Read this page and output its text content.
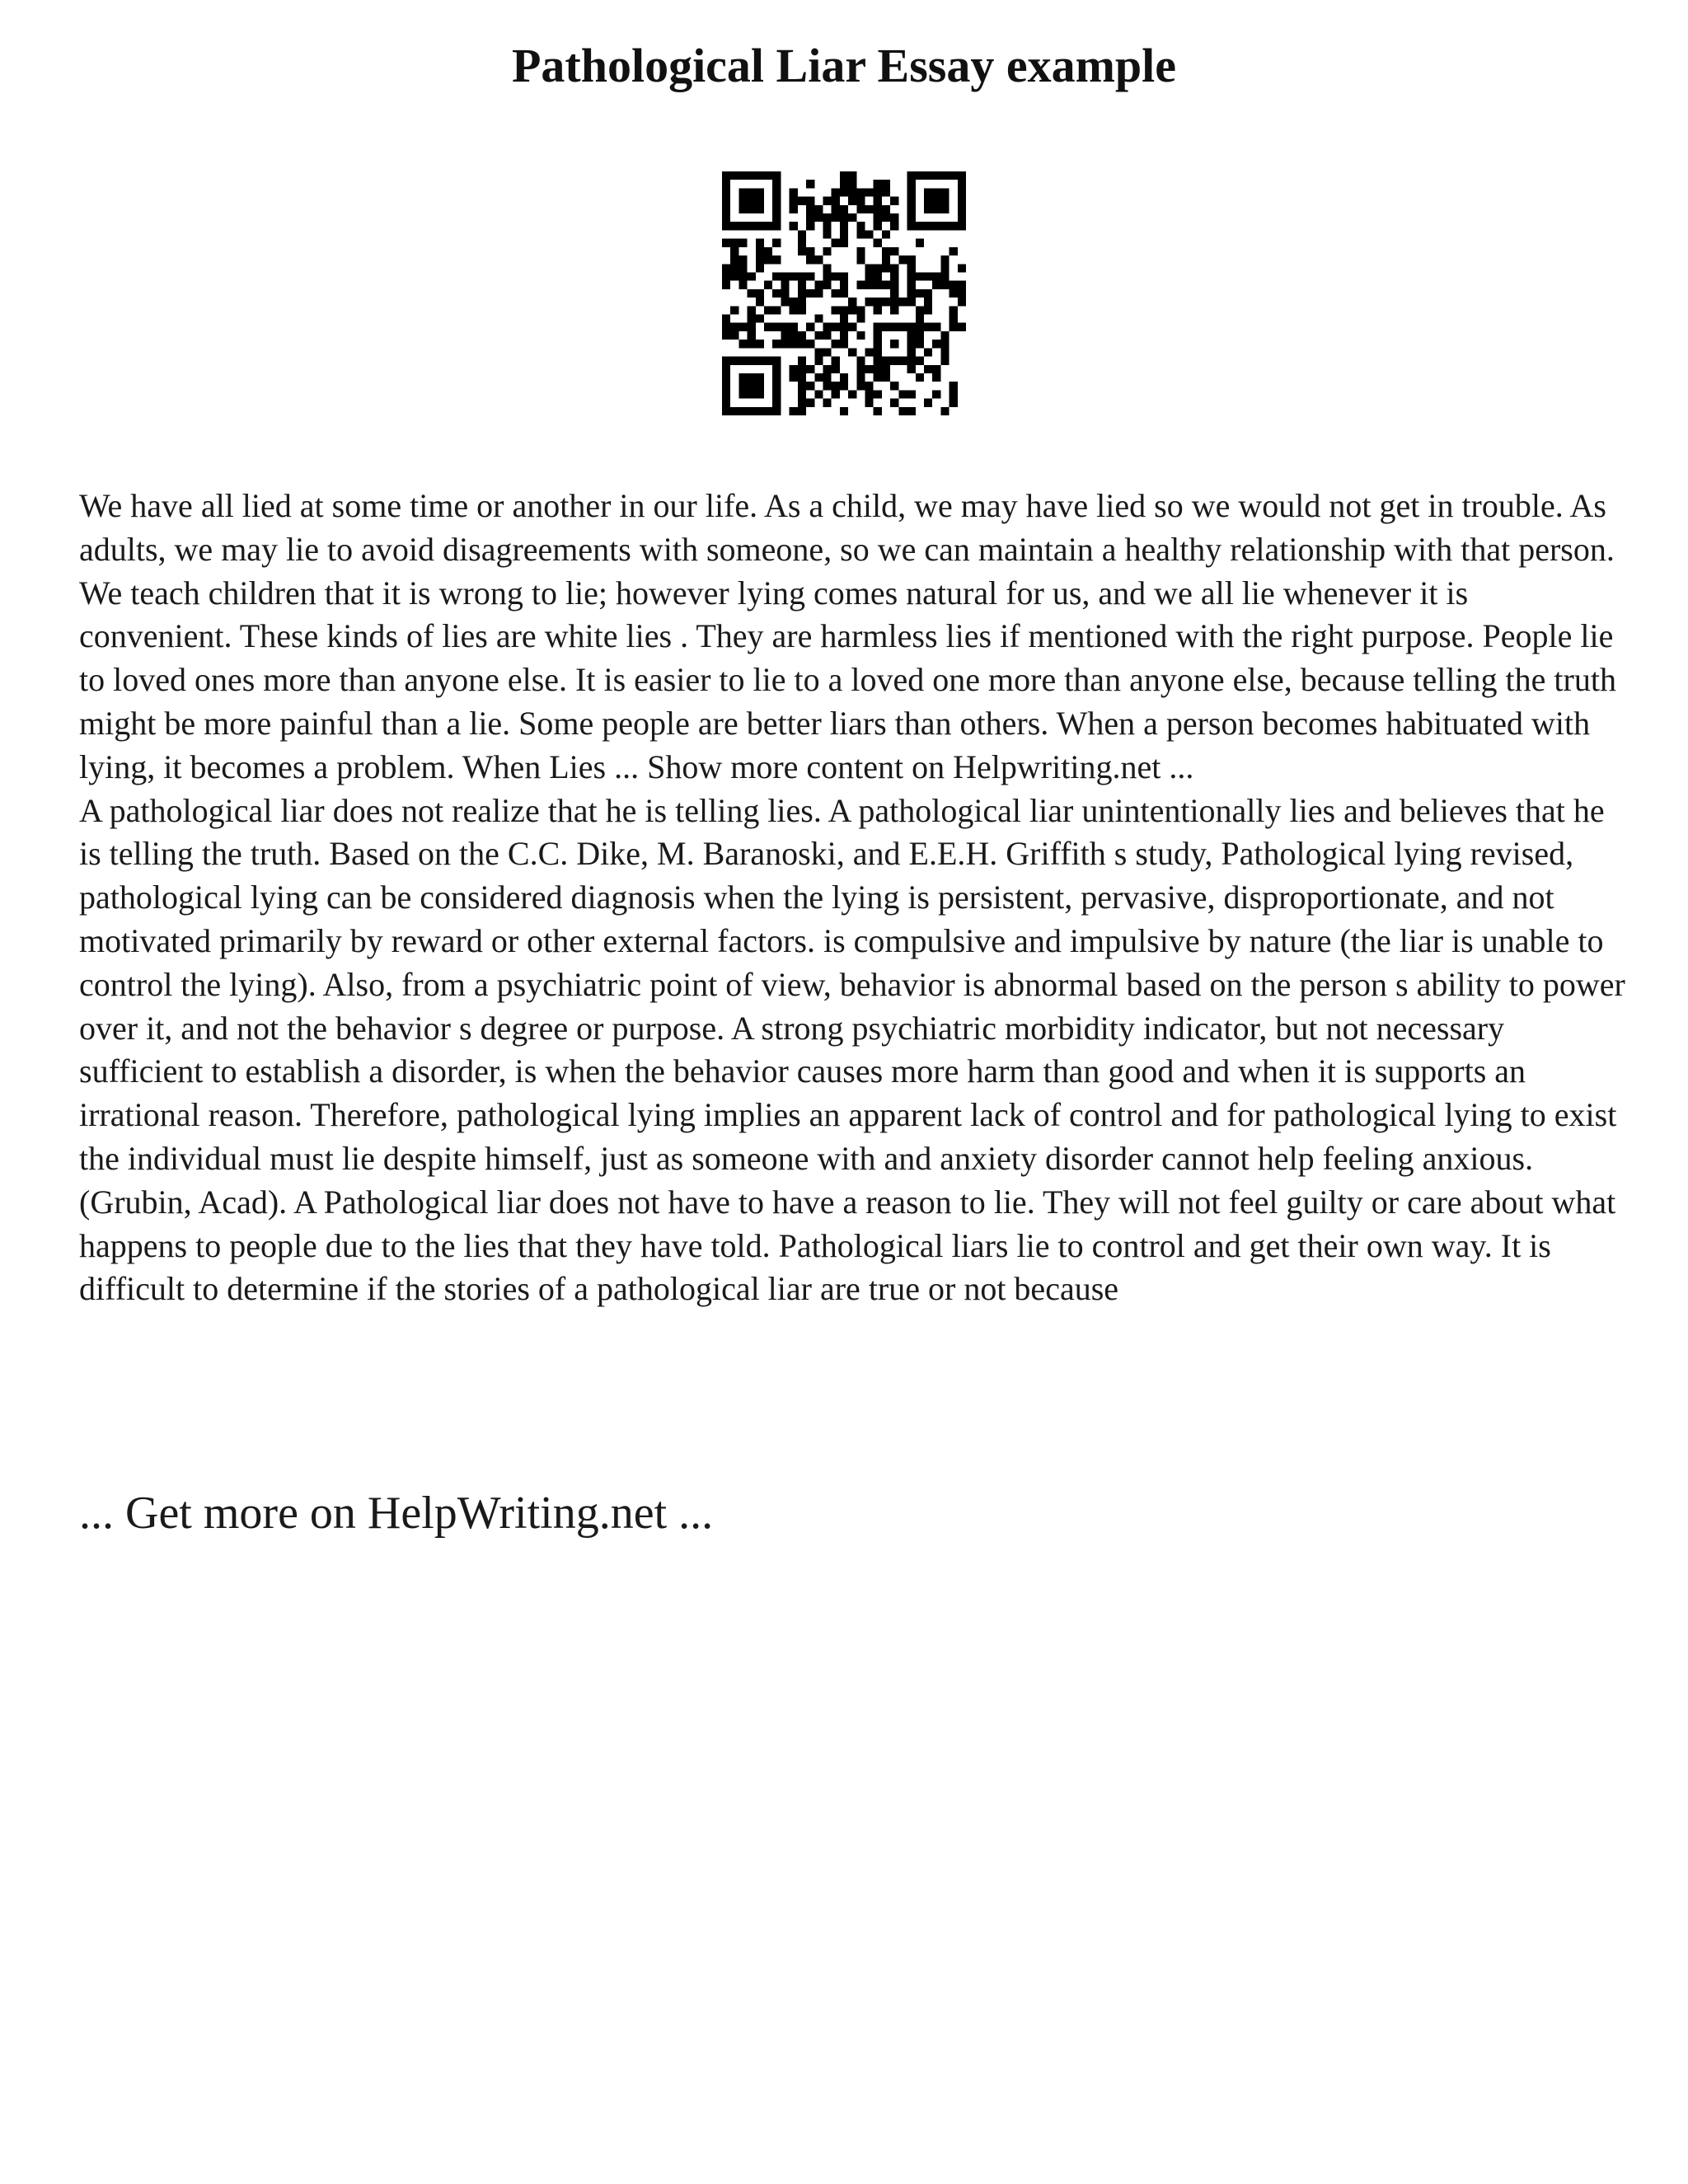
Pathological Liar Essay example

We have all lied at some time or another in our life. As a child, we may have lied so we would not get in trouble. As adults, we may lie to avoid disagreements with someone, so we can maintain a healthy relationship with that person. We teach children that it is wrong to lie; however lying comes natural for us, and we all lie whenever it is convenient. These kinds of lies are white lies . They are harmless lies if mentioned with the right purpose. People lie to loved ones more than anyone else. It is easier to lie to a loved one more than anyone else, because telling the truth might be more painful than a lie. Some people are better liars than others. When a person becomes habituated with lying, it becomes a problem. When Lies ... Show more content on Helpwriting.net ...

A pathological liar does not realize that he is telling lies. A pathological liar unintentionally lies and believes that he is telling the truth. Based on the C.C. Dike, M. Baranoski, and E.E.H. Griffith s study, Pathological lying revised, pathological lying can be considered diagnosis when the lying is persistent, pervasive, disproportionate, and not motivated primarily by reward or other external factors. is compulsive and impulsive by nature (the liar is unable to control the lying). Also, from a psychiatric point of view, behavior is abnormal based on the person s ability to power over it, and not the behavior s degree or purpose. A strong psychiatric morbidity indicator, but not necessary sufficient to establish a disorder, is when the behavior causes more harm than good and when it is supports an irrational reason. Therefore, pathological lying implies an apparent lack of control and for pathological lying to exist the individual must lie despite himself, just as someone with and anxiety disorder cannot help feeling anxious. (Grubin, Acad). A Pathological liar does not have to have a reason to lie. They will not feel guilty or care about what happens to people due to the lies that they have told. Pathological liars lie to control and get their own way. It is difficult to determine if the stories of a pathological liar are true or not because

... Get more on HelpWriting.net ...
